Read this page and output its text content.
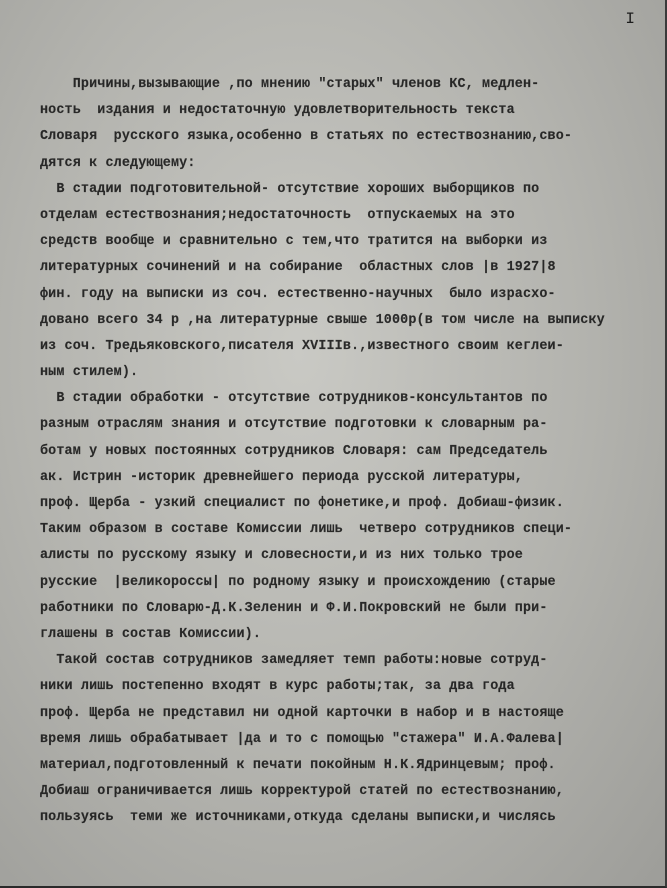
I
Причины,вызывающие ,по мнению "старых" членов КС, медлен-
ность  издания и недостаточную удовлетворительность текста
Словаря  русского языка,особенно в статьях по естествознанию,сво-
дятся к следующему:
В стадии подготовительной- отсутствие хороших выборщиков по
отделам естествознания;недостаточность  отпускаемых на это
средств вообще и сравнительно с тем,что тратится на выборки из
литературных сочинений и на собирание  областных слов |в 1927|8
фин. году на выписки из соч. естественно-научных  было израсхо-
довано всего 34 р ,на литературные свыше 1000р(в том числе на выписку
из соч. Тредьяковского,писателя XVIIIв.,известного своим кеглеи-
ным стилем).
В стадии обработки - отсутствие сотрудников-консультантов по
разным отраслям знания и отсутствие подготовки к словарным ра-
ботам у новых постоянных сотрудников Словаря: сам Председатель
ак. Истрин -историк древнейшего периода русской литературы,
проф. Щерба - узкий специалист по фонетике,и проф. Добиаш-физик.
Таким образом в составе Комиссии лишь  четверо сотрудников специ-
алисты по русскому языку и словесности,и из них только трое
русские  |великороссы| по родному языку и происхождению (старые
работники по Словарю-Д.К.Зеленин и Ф.И.Покровский не были при-
глашены в состав Комиссии).
Такой состав сотрудников замедляет темп работы:новые сотруд-
ники лишь постепенно входят в курс работы;так, за два года
проф. Щерба не представил ни одной карточки в набор и в настояще
время лишь обрабатывает |да и то с помощью "стажера" И.А.Фалева|
материал,подготовленный к печати покойным Н.К.Ядринцевым; проф.
Добиаш ограничивается лишь корректурой статей по естествознанию,
пользуясь  теми же источниками,откуда сделаны выписки,и числясь
